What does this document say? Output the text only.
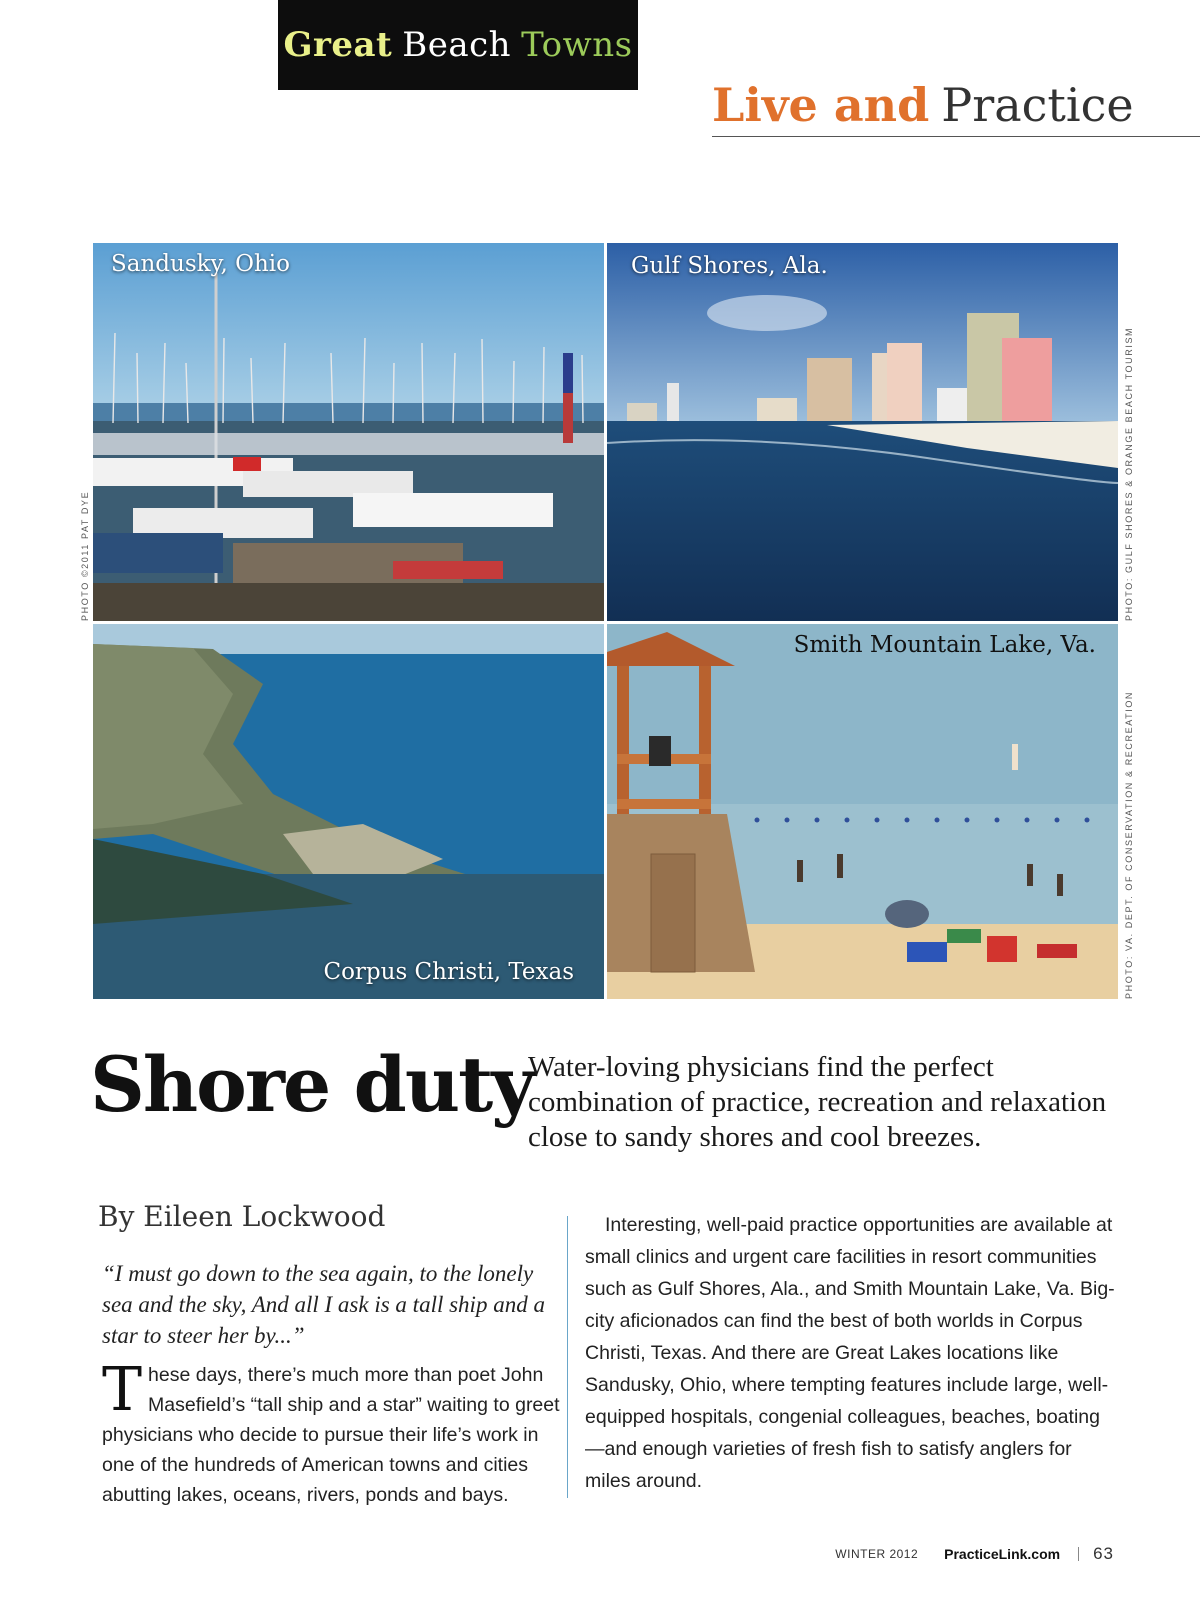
Great Beach Towns
Live and Practice
Sandusky, Ohio	Gulf Shores, Ala.
Corpus Christi, Texas
Smith Mountain Lake, Va.
PHOTO ©2011 PAT DYE	PHOTO: GULF SHORES & ORANGE BEACH TOURISM
PHOTO: VA. DEPT. OF CONSERVATION & RECREATION
Shore duty
Water-loving physicians find the perfect combination of practice, recreation and relaxation close to sandy shores and cool breezes.
By Eileen Lockwood
“I must go down to the sea again, to the lonely sea and the sky, And all I ask is a tall ship and a star to steer her by...”
These days, there’s much more than poet John Masefield’s “tall ship and a star” waiting to greet physicians who decide to pursue their life’s work in one of the hundreds of American towns and cities abutting lakes, oceans, rivers, ponds and bays.
Interesting, well-paid practice opportunities are available at small clinics and urgent care facilities in resort communities such as Gulf Shores, Ala., and Smith Mountain Lake, Va. Big-city aficionados can find the best of both worlds in Corpus Christi, Texas. And there are Great Lakes locations like Sandusky, Ohio, where tempting features include large, well-equipped hospitals, congenial colleagues, beaches, boating—and enough varieties of fresh fish to satisfy anglers for miles around.
WINTER 2012 PracticeLink.com 63
